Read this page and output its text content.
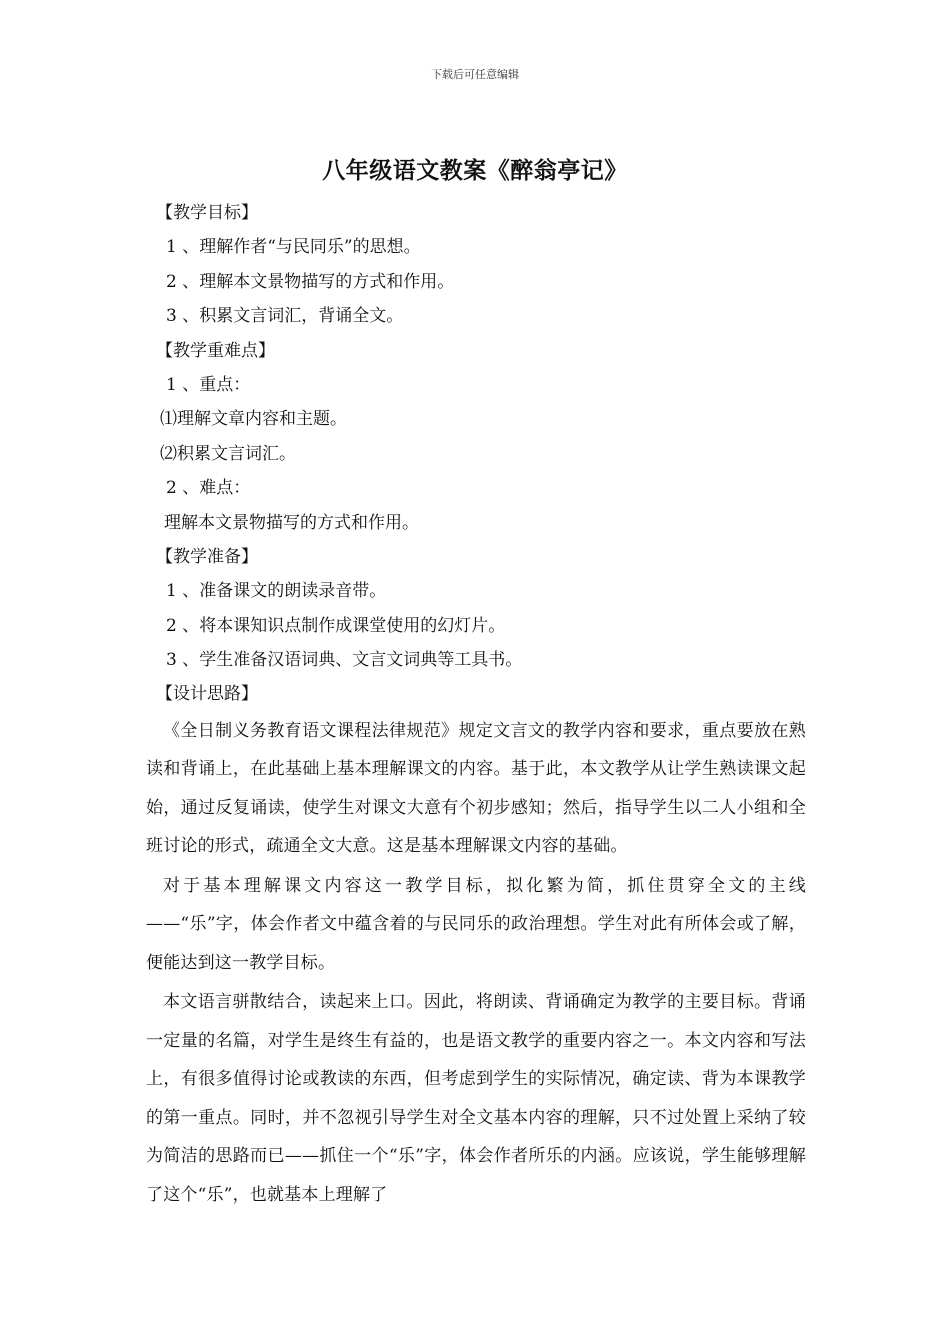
下载后可任意编辑
八年级语文教案《醉翁亭记》
【教学目标】
1 、理解作者“与民同乐”的思想。
2 、理解本文景物描写的方式和作用。
3 、积累文言词汇，背诵全文。
【教学重难点】
1 、重点：
⑴理解文章内容和主题。
⑵积累文言词汇。
2 、难点：
理解本文景物描写的方式和作用。
【教学准备】
1 、准备课文的朗读录音带。
2 、将本课知识点制作成课堂使用的幻灯片。
3 、学生准备汉语词典、文言文词典等工具书。
【设计思路】

《全日制义务教育语文课程法律规范》规定文言文的教学内容和要求，重点要放在熟读和背诵上，在此基础上基本理解课文的内容。基于此，本文教学从让学生熟读课文起始，通过反复诵读，使学生对课文大意有个初步感知；然后，指导学生以二人小组和全班讨论的形式，疏通全文大意。这是基本理解课文内容的基础。

对于基本理解课文内容这一教学目标，拟化繁为简，抓住贯穿全文的主线——“乐”字，体会作者文中蕴含着的与民同乐的政治理想。学生对此有所体会或了解，便能达到这一教学目标。

本文语言骈散结合，读起来上口。因此，将朗读、背诵确定为教学的主要目标。背诵一定量的名篇，对学生是终生有益的，也是语文教学的重要内容之一。本文内容和写法上，有很多值得讨论或教读的东西，但考虑到学生的实际情况，确定读、背为本课教学的第一重点。同时，并不忽视引导学生对全文基本内容的理解，只不过处置上采纳了较为简洁的思路而已——抓住一个“乐”字，体会作者所乐的内涵。应该说，学生能够理解了这个“乐”，也就基本上理解了
